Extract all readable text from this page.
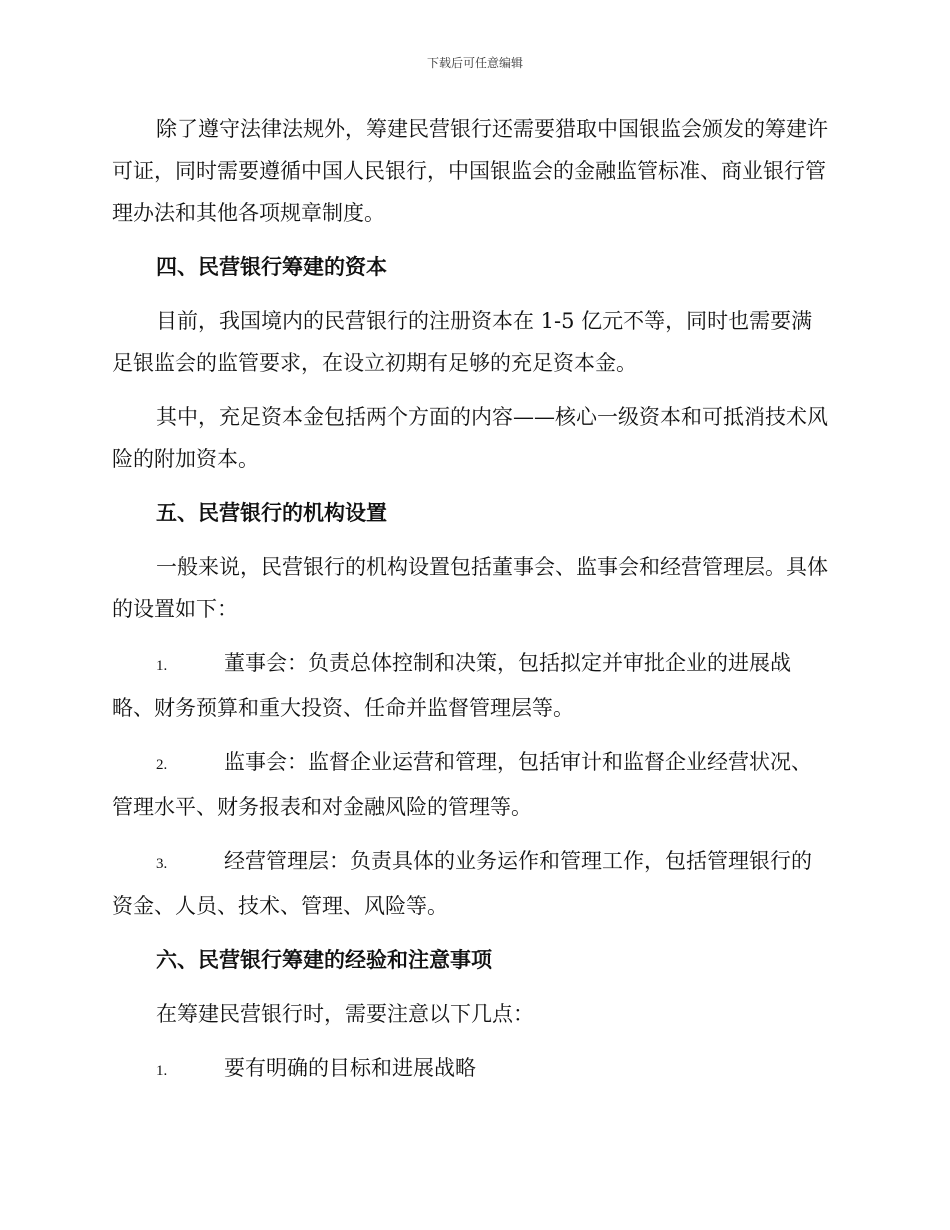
下载后可任意编辑

除了遵守法律法规外，筹建民营银行还需要猎取中国银监会颁发的筹建许可证，同时需要遵循中国人民银行，中国银监会的金融监管标准、商业银行管理办法和其他各项规章制度。

四、民营银行筹建的资本

目前，我国境内的民营银行的注册资本在 1-5 亿元不等，同时也需要满足银监会的监管要求，在设立初期有足够的充足资本金。

其中，充足资本金包括两个方面的内容——核心一级资本和可抵消技术风险的附加资本。

五、民营银行的机构设置

一般来说，民营银行的机构设置包括董事会、监事会和经营管理层。具体的设置如下：

1.	董事会：负责总体控制和决策，包括拟定并审批企业的进展战略、财务预算和重大投资、任命并监督管理层等。

2.	监事会：监督企业运营和管理，包括审计和监督企业经营状况、管理水平、财务报表和对金融风险的管理等。

3.	经营管理层：负责具体的业务运作和管理工作，包括管理银行的资金、人员、技术、管理、风险等。

六、民营银行筹建的经验和注意事项

在筹建民营银行时，需要注意以下几点：

1.	要有明确的目标和进展战略
